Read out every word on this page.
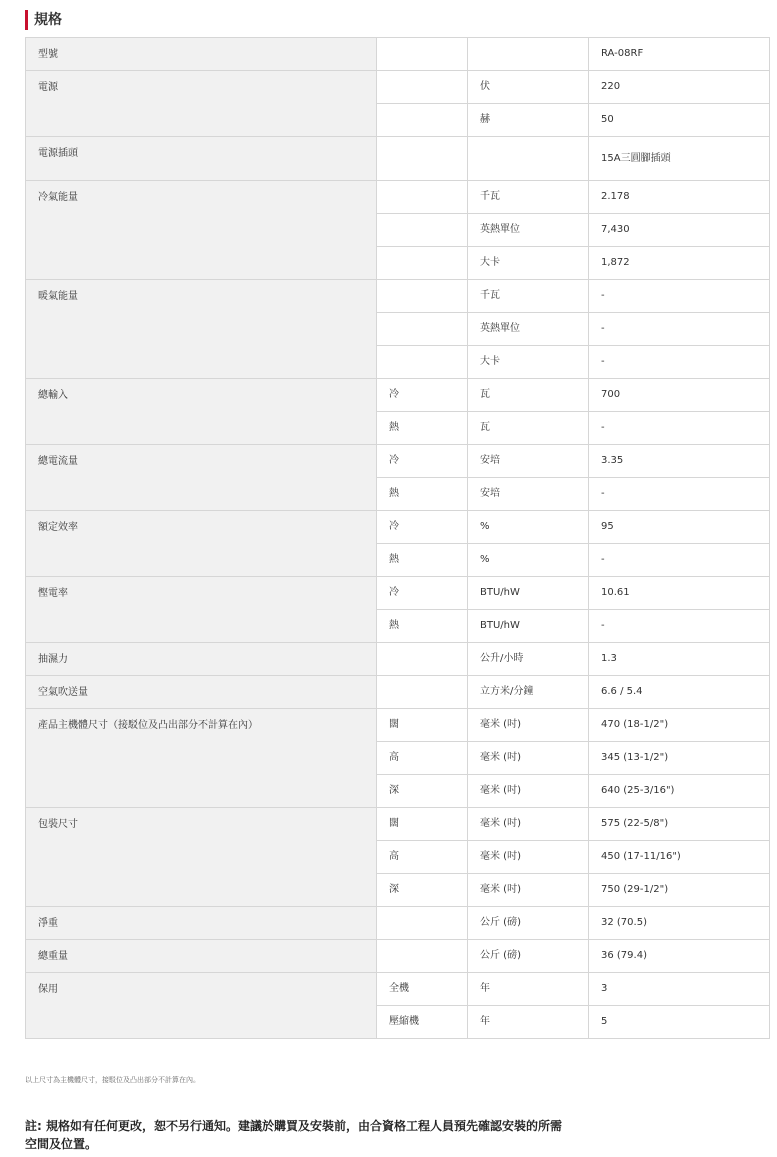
規格
型號			RA-08RF
電源		伏	220
		赫	50
電源插頭			15A三圓腳插頭
冷氣能量		千瓦	2.178
		英熱單位	7,430
		大卡	1,872
暖氣能量		千瓦	-
		英熱單位	-
		大卡	-
總輸入	冷	瓦	700
	熱	瓦	-
總電流量	冷	安培	3.35
	熱	安培	-
額定效率	冷	%	95
	熱	%	-
慳電率	冷	BTU/hW	10.61
	熱	BTU/hW	-
抽濕力		公升/小時	1.3
空氣吹送量		立方米/分鐘	6.6 / 5.4
產品主機體尺寸（接駁位及凸出部分不計算在內）	闊	毫米 (吋)	470 (18-1/2")
	高	毫米 (吋)	345 (13-1/2")
	深	毫米 (吋)	640 (25-3/16")
包裝尺寸	闊	毫米 (吋)	575 (22-5/8")
	高	毫米 (吋)	450 (17-11/16")
	深	毫米 (吋)	750 (29-1/2")
淨重		公斤 (磅)	32 (70.5)
總重量		公斤 (磅)	36 (79.4)
保用	全機	年	3
	壓縮機	年	5
以上尺寸為主機體尺寸，接駁位及凸出部分不計算在內。
註: 規格如有任何更改，恕不另行通知。建議於購買及安裝前，由合資格工程人員預先確認安裝的所需
空間及位置。
